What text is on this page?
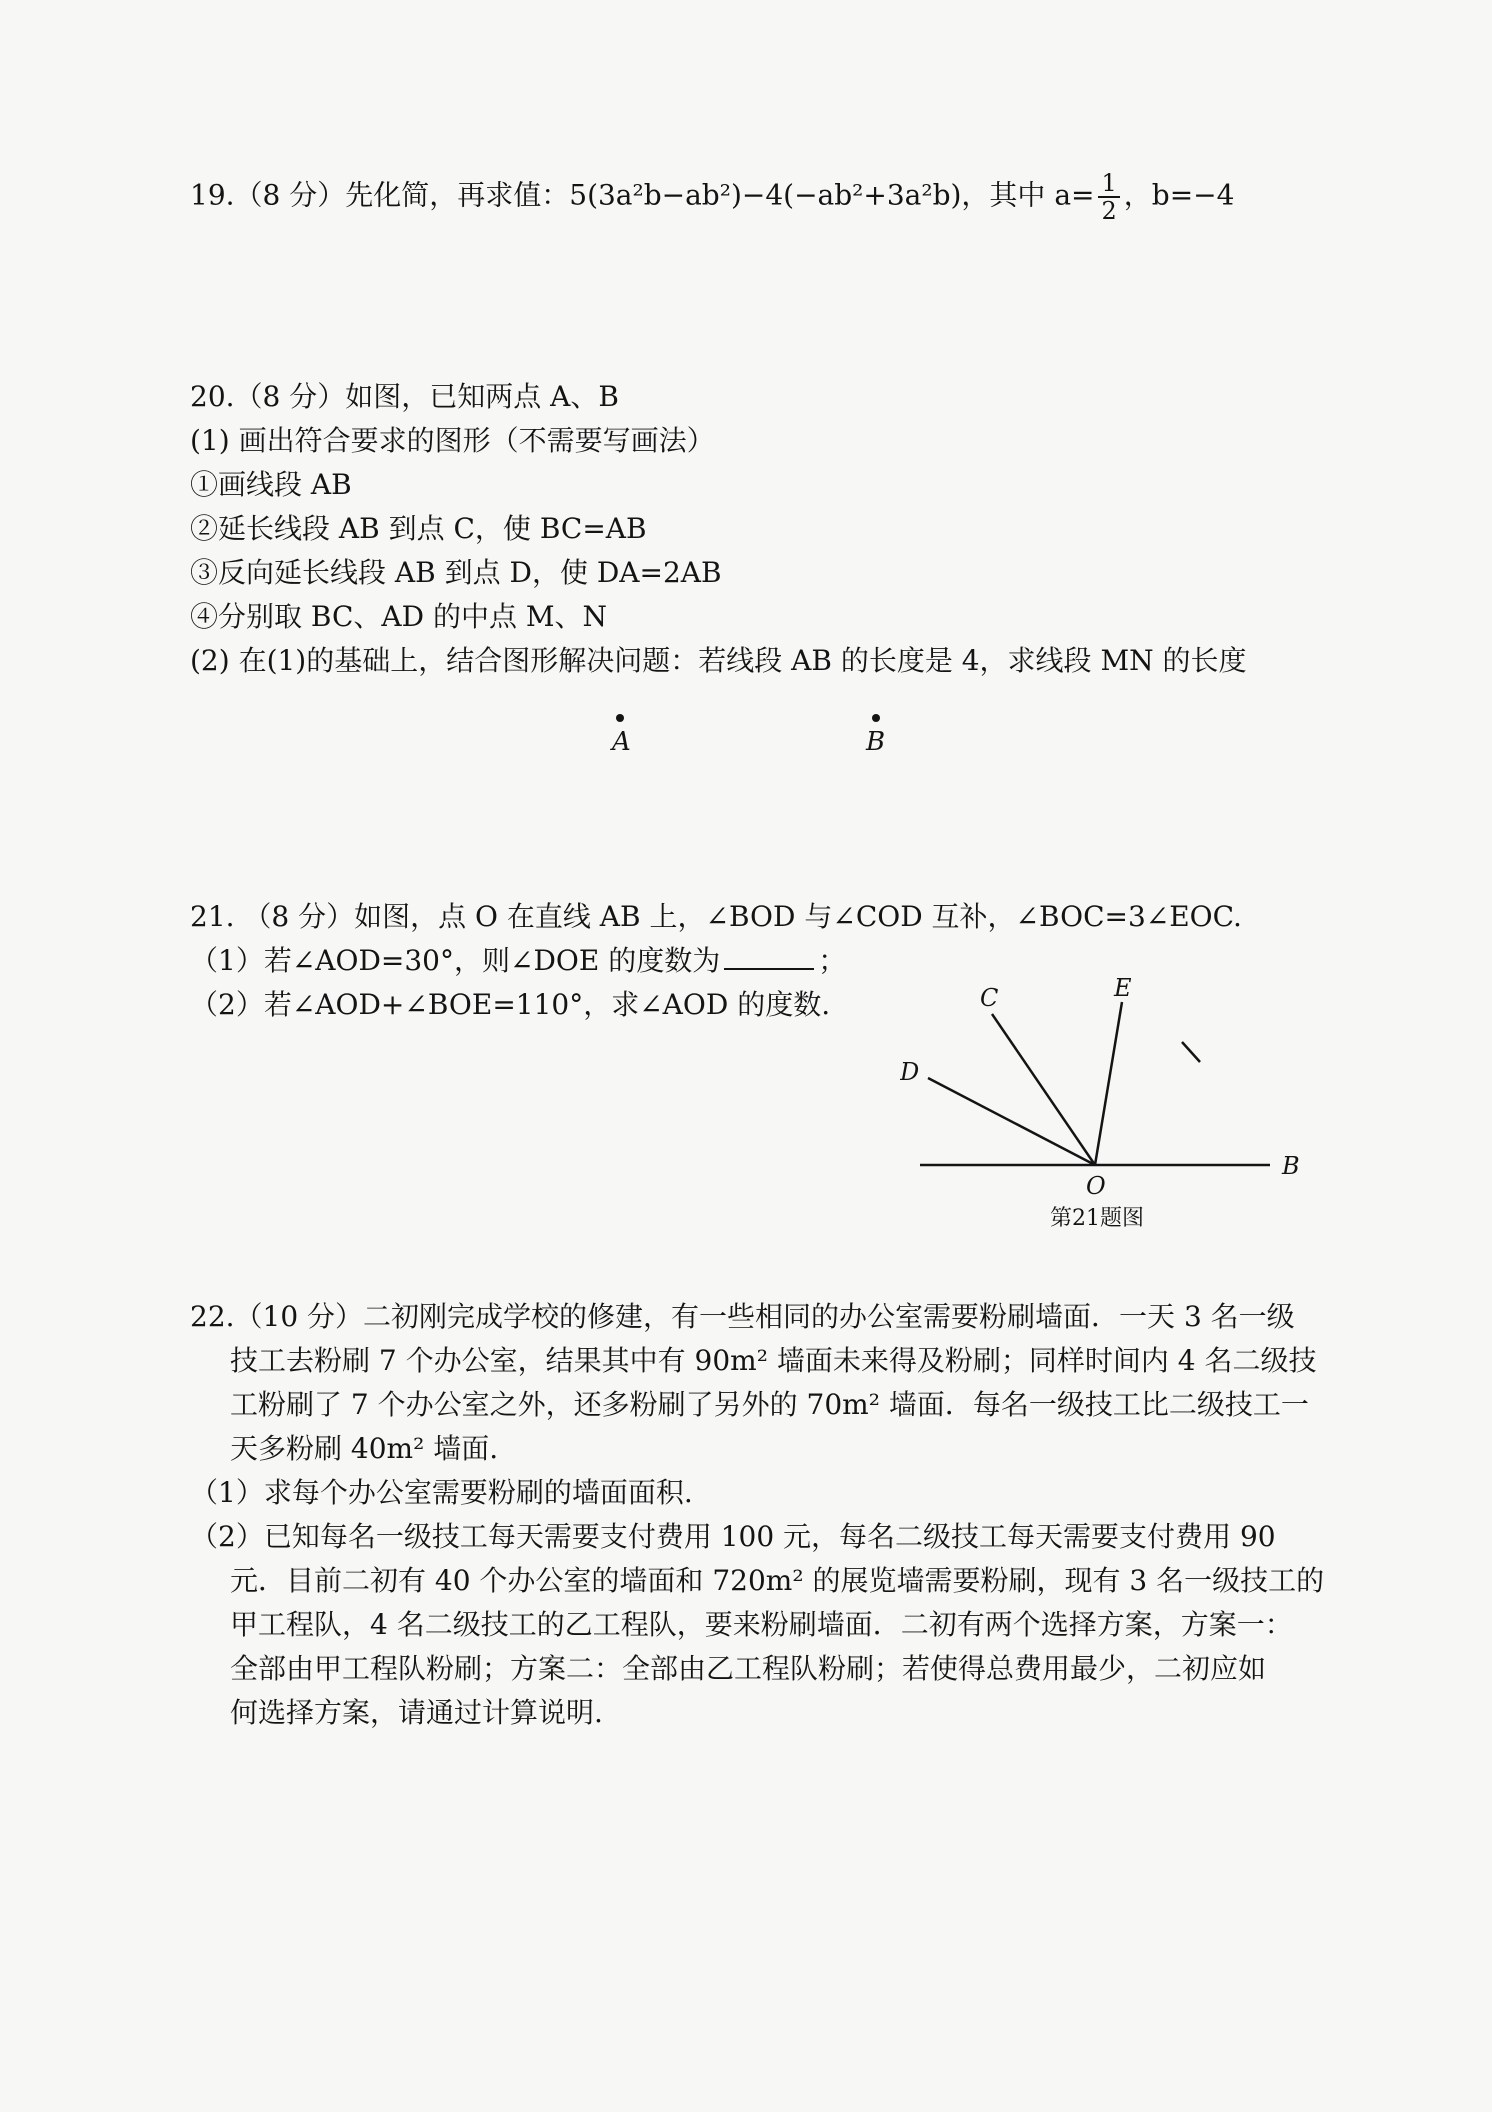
19.（8 分）先化简，再求值：5(3a²b−ab²)−4(−ab²+3a²b)，其中 $a= \frac{1}{2}$ ，b=−4
20.（8 分）如图，已知两点 A、B
(1) 画出符合要求的图形（不需要写画法）
①画线段 AB
②延长线段 AB 到点 C，使 BC=AB
③反向延长线段 AB 到点 D，使 DA=2AB
④分别取 BC、AD 的中点 M、N
(2) 在(1)的基础上，结合图形解决问题：若线段 AB 的长度是 4，求线段 MN 的长度
A	B
21. （8 分）如图，点 O 在直线 AB 上，∠BOD 与∠COD 互补，∠BOC=3∠EOC.
（1）若∠AOD=30°，则∠DOE 的度数为	；
（2）若∠AOD+∠BOE=110°，求∠AOD 的度数.	C	E
D
O
B
第21题图
22.（10 分）二初刚完成学校的修建，有一些相同的办公室需要粉刷墙面．一天 3 名一级
技工去粉刷 7 个办公室，结果其中有 90m² 墙面未来得及粉刷；同样时间内 4 名二级技
工粉刷了 7 个办公室之外，还多粉刷了另外的 70m² 墙面．每名一级技工比二级技工一
天多粉刷 40m² 墙面.
（1）求每个办公室需要粉刷的墙面面积.
（2）已知每名一级技工每天需要支付费用 100 元，每名二级技工每天需要支付费用 90
元．目前二初有 40 个办公室的墙面和 720m² 的展览墙需要粉刷，现有 3 名一级技工的
甲工程队，4 名二级技工的乙工程队，要来粉刷墙面．二初有两个选择方案，方案一：
全部由甲工程队粉刷；方案二：全部由乙工程队粉刷；若使得总费用最少，二初应如
何选择方案，请通过计算说明.
